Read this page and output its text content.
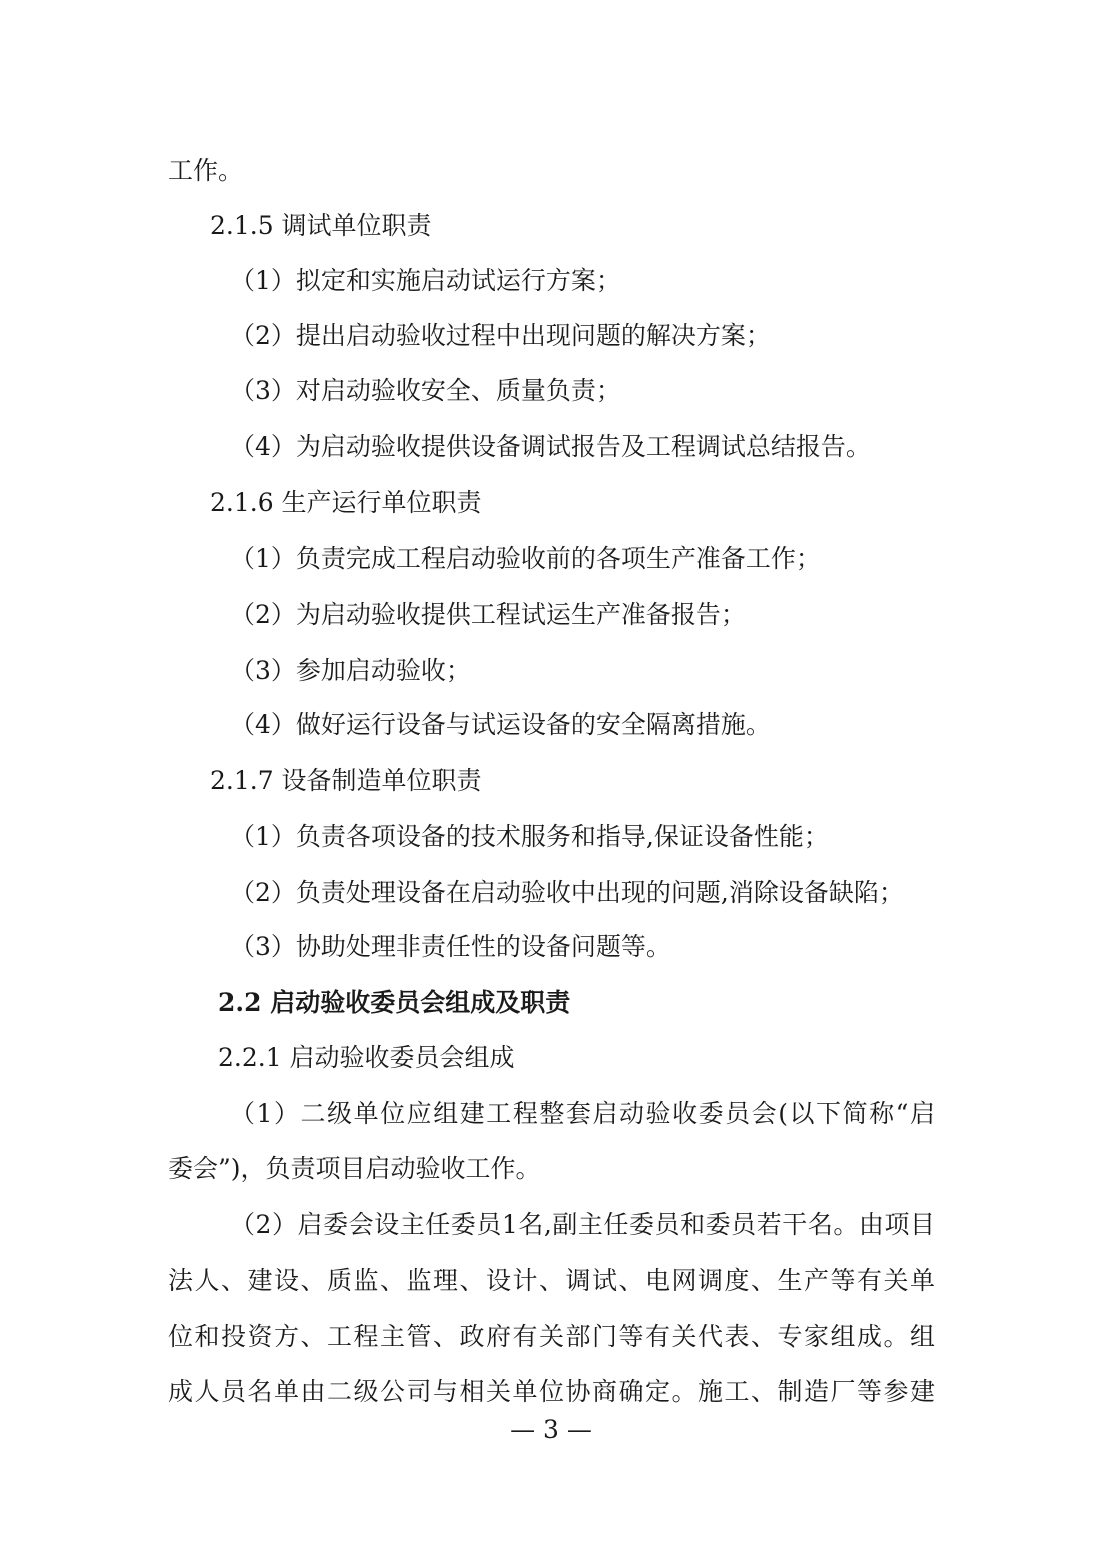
工作。
2.1.5 调试单位职责
（1）拟定和实施启动试运行方案；
（2）提出启动验收过程中出现问题的解决方案；
（3）对启动验收安全、质量负责；
（4）为启动验收提供设备调试报告及工程调试总结报告。
2.1.6 生产运行单位职责
（1）负责完成工程启动验收前的各项生产准备工作；
（2）为启动验收提供工程试运生产准备报告；
（3）参加启动验收；
（4）做好运行设备与试运设备的安全隔离措施。
2.1.7 设备制造单位职责
（1）负责各项设备的技术服务和指导,保证设备性能；
（2）负责处理设备在启动验收中出现的问题,消除设备缺陷；
（3）协助处理非责任性的设备问题等。
2.2 启动验收委员会组成及职责
2.2.1 启动验收委员会组成
（1）二级单位应组建工程整套启动验收委员会(以下简称“启
委会”)，负责项目启动验收工作。
（2）启委会设主任委员1名,副主任委员和委员若干名。由项目
法人、建设、质监、监理、设计、调试、电网调度、生产等有关单
位和投资方、工程主管、政府有关部门等有关代表、专家组成。组
成人员名单由二级公司与相关单位协商确定。施工、制造厂等参建
— 3 —
